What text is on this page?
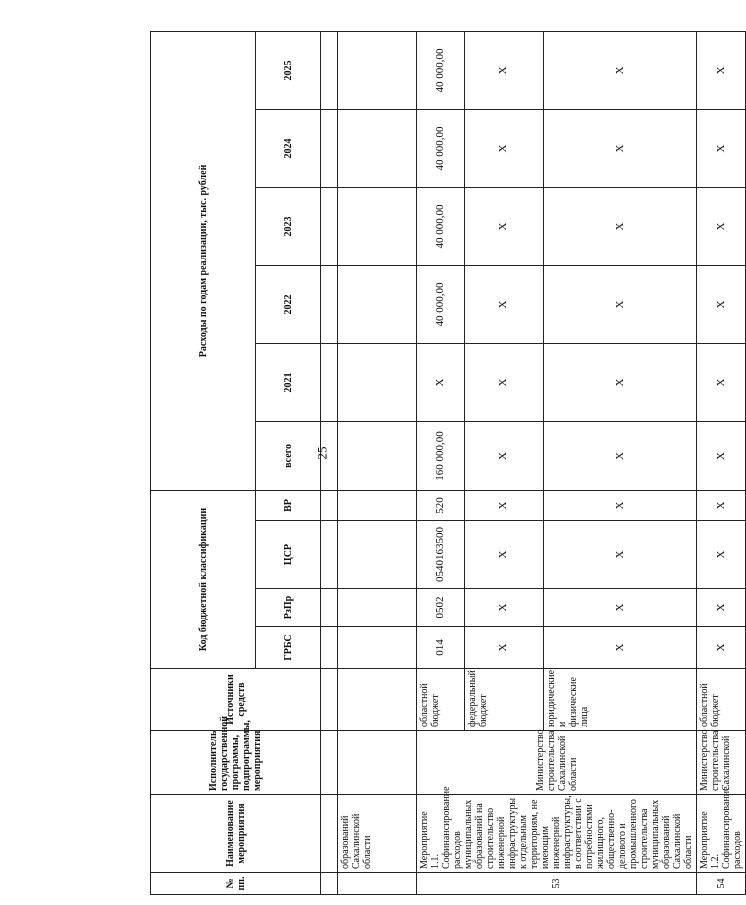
25
№ пп.	Наименование мероприятия	Исполнитель государственной программы, подпрограммы, мероприятия	Источники средств	Код бюджетной классификации				Расходы по годам реализации, тыс. рублей					
				ГРБС	РзПр	ЦСР	ВР	всего	2021	2022	2023	2024	2025

	образований Сахалинской области												
53	Мероприятие 1.1. Софинансирование расходов муниципальных образований на строительство инженерной инфраструктуры к отдельным территориям, не имеющим инженерной инфраструктуры, в соответствии с потребностями жилищного, общественно-делового и промышленного строительства муниципальных образований Сахалинской области	Министерство строительства Сахалинской области	областной бюджет	014	0502	0540163500	520	160 000,00	X	40 000,00	40 000,00	40 000,00	40 000,00
			федеральный бюджет	X	X	X	X	X	X	X	X	X	X
			юридические и физические лица	X	X	X	X	X	X	X	X	X	X
54	Мероприятие 1.2. Софинансирование расходов	Министерство строительства Сахалинской	областной бюджет	X	X	X	X	X	X	X	X	X	X
